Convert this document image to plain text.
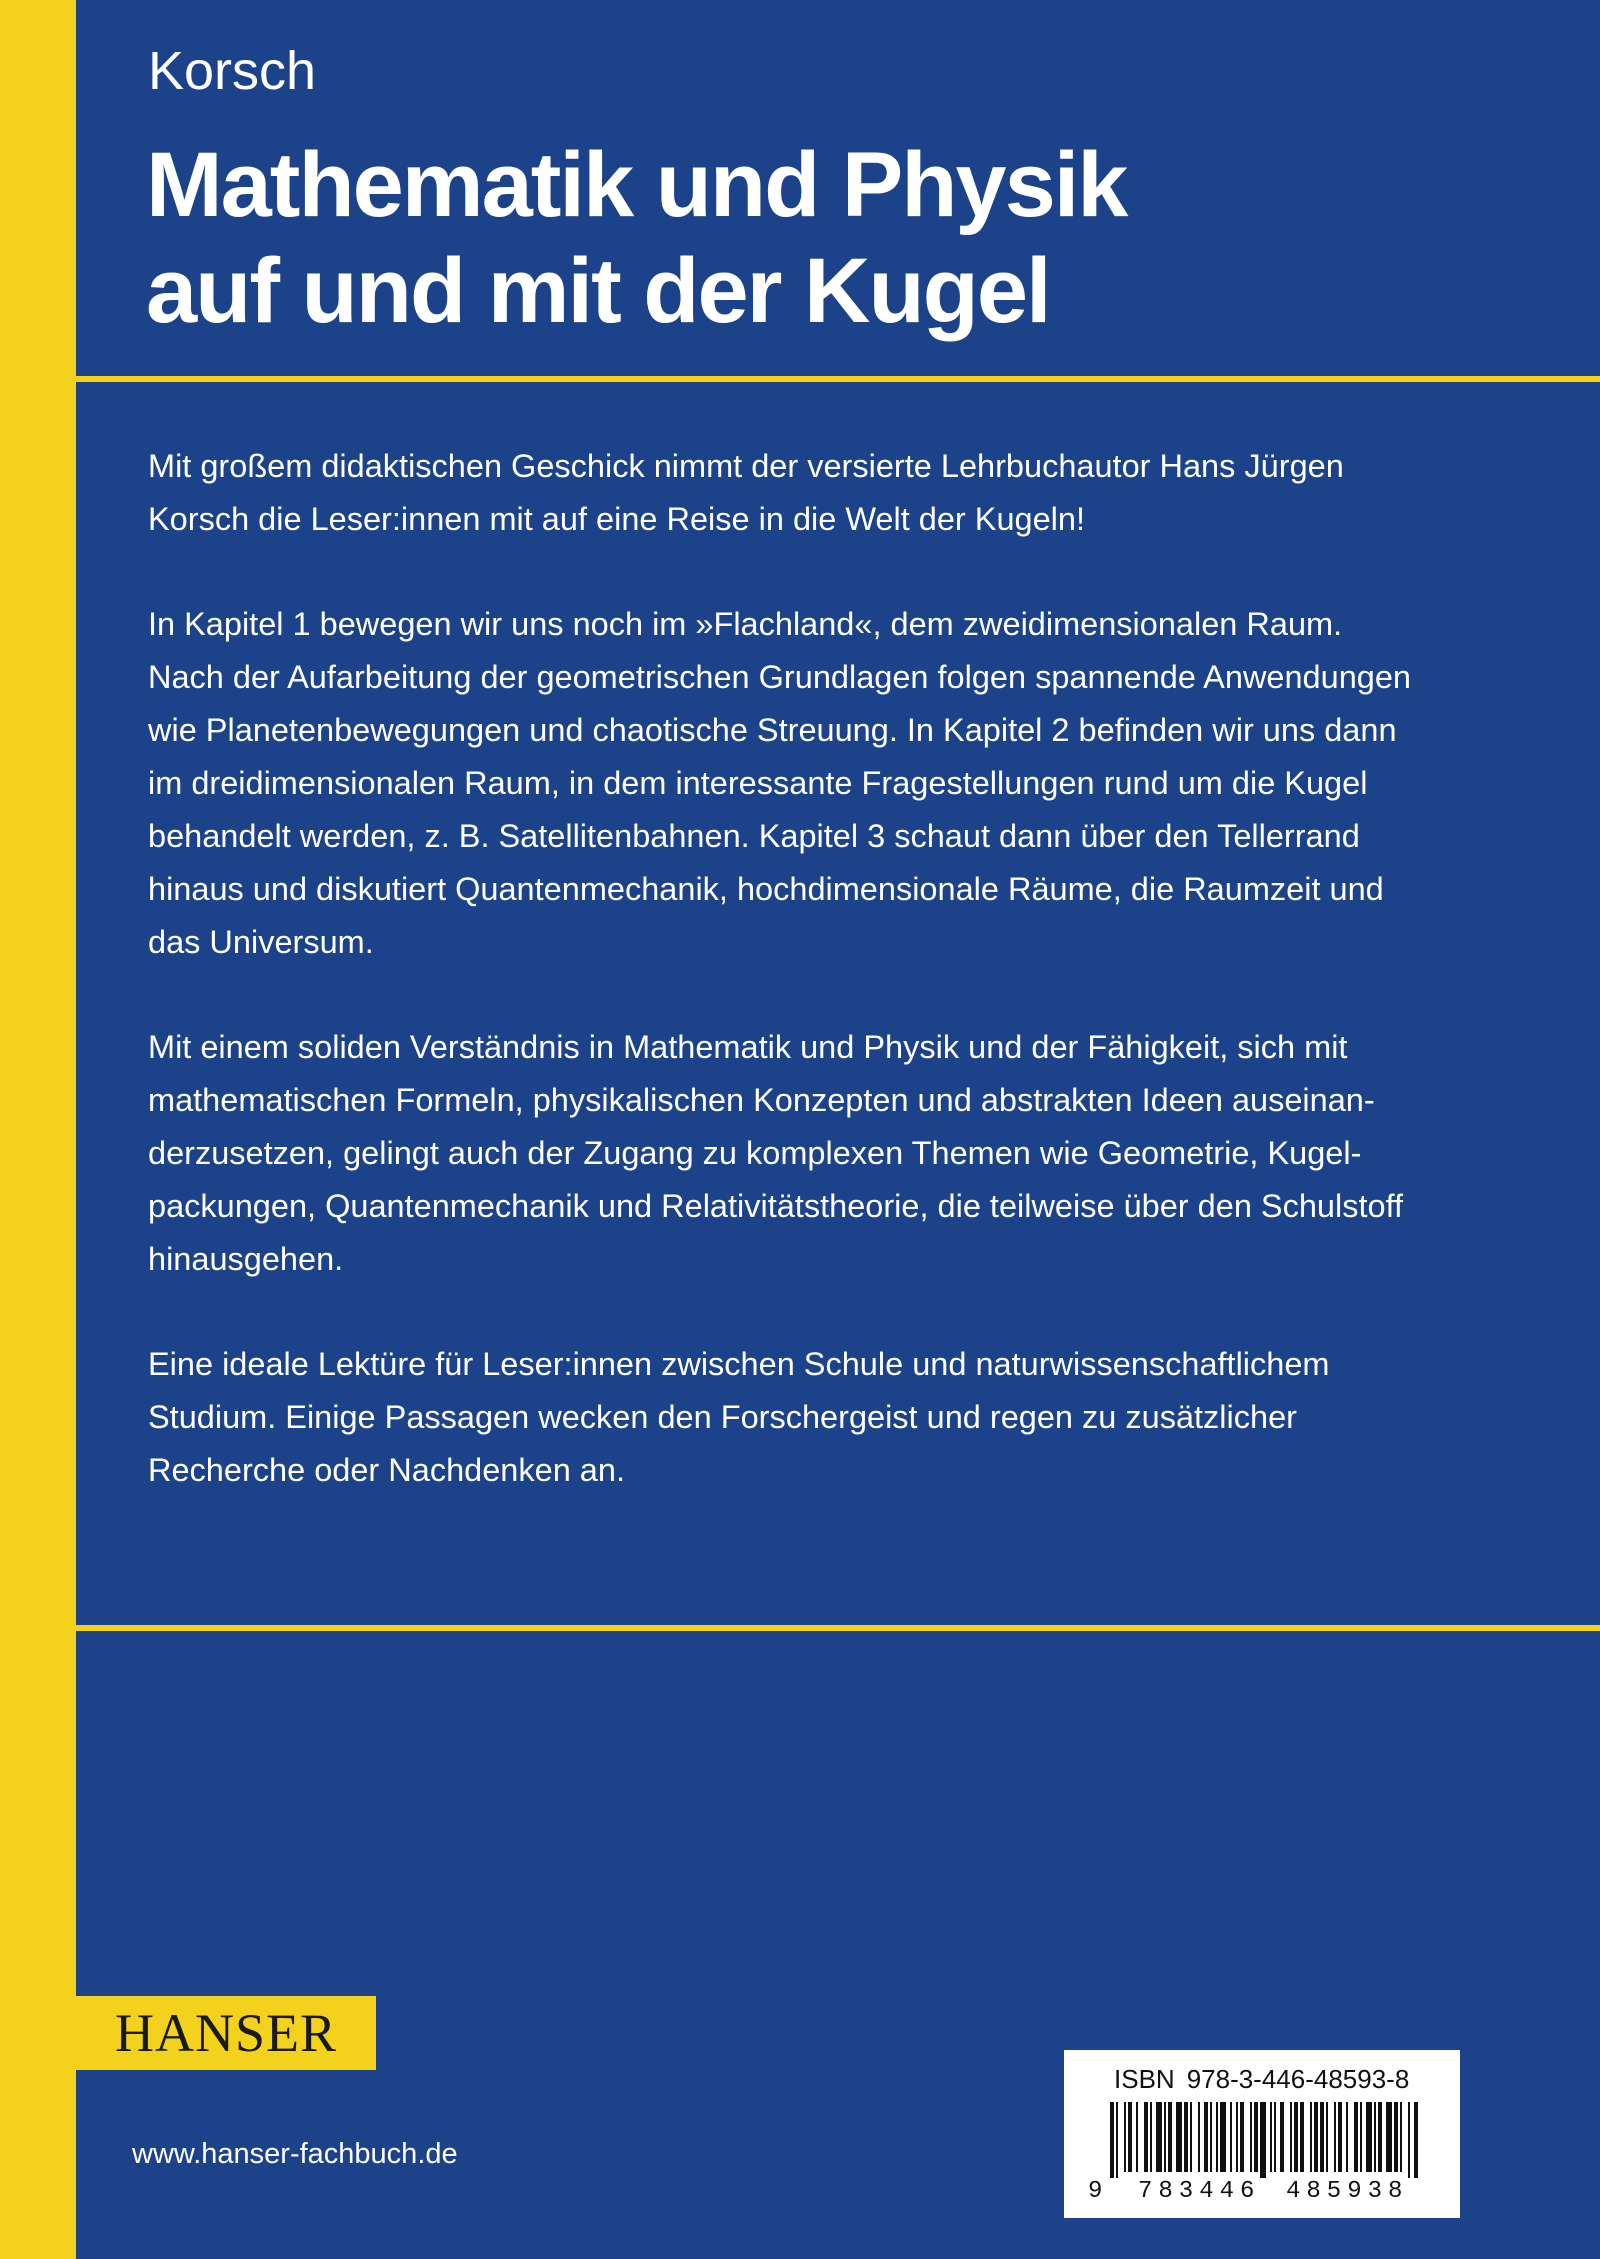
Korsch
Mathematik und Physik
auf und mit der Kugel

Mit großem didaktischen Geschick nimmt der versierte Lehrbuchautor Hans Jürgen
Korsch die Leser:innen mit auf eine Reise in die Welt der Kugeln!

In Kapitel 1 bewegen wir uns noch im »Flachland«, dem zweidimensionalen Raum.
Nach der Aufarbeitung der geometrischen Grundlagen folgen spannende Anwendungen
wie Planetenbewegungen und chaotische Streuung. In Kapitel 2 befinden wir uns dann
im dreidimensionalen Raum, in dem interessante Fragestellungen rund um die Kugel
behandelt werden, z. B. Satellitenbahnen. Kapitel 3 schaut dann über den Tellerrand
hinaus und diskutiert Quantenmechanik, hochdimensionale Räume, die Raumzeit und
das Universum.

Mit einem soliden Verständnis in Mathematik und Physik und der Fähigkeit, sich mit
mathematischen Formeln, physikalischen Konzepten und abstrakten Ideen auseinan-
derzusetzen, gelingt auch der Zugang zu komplexen Themen wie Geometrie, Kugel-
packungen, Quantenmechanik und Relativitätstheorie, die teilweise über den Schulstoff
hinausgehen.

Eine ideale Lektüre für Leser:innen zwischen Schule und naturwissenschaftlichem
Studium. Einige Passagen wecken den Forschergeist und regen zu zusätzlicher
Recherche oder Nachdenken an.

HANSER
www.hanser-fachbuch.de
ISBN 978-3-446-48593-8
9 783446 485938
